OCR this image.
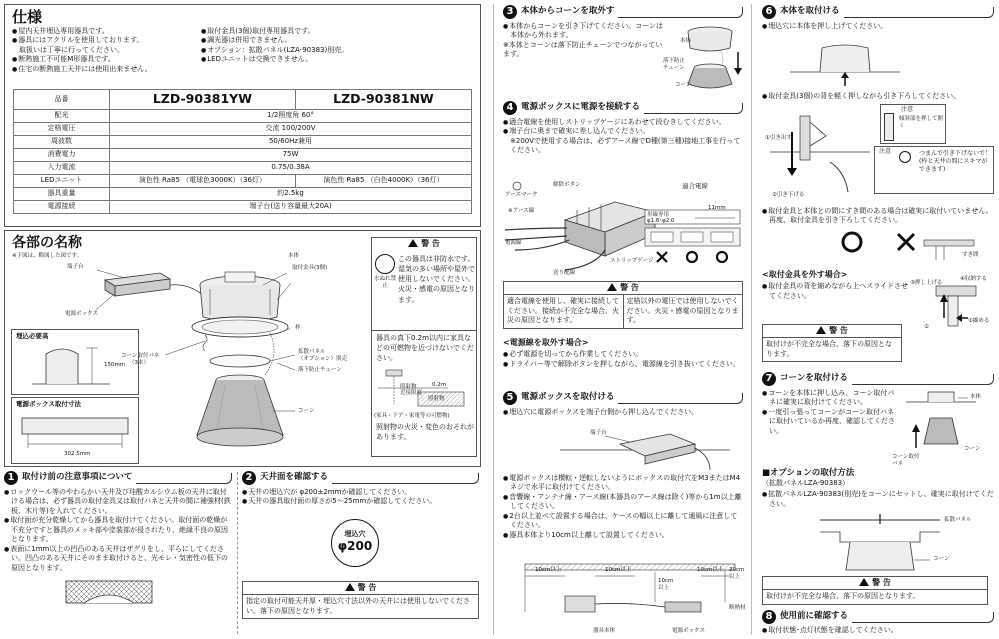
仕様
● 屋内天井埋込専用器具です。
● 器具にはアクリルを使用しております。
取扱いは丁寧に行ってください。
● 断熱施工不可能M形器具です。
● 住宅の断熱施工天井には使用出来ません。
● 取付金具(3個)取付専用器具です。
● 調光器は併用できません。
● オプション：拡散パネル(LZA-90383)別売。
● LEDユニットは交換できません。
品番	LZD-90381YW	LZD-90381NW
配光	1/2照度角 60°	
定格電圧	交流 100/200V	
周波数	50/60Hz兼用	
消費電力	75W	
入力電流	0.75/0.38A	
LEDユニット	演色性 Ra85 （電球色3000K）（36灯）	演色性 Ra85 （白色4000K）（36灯）
器具重量	約2.5kg	
電源接続	端子台(送り容量最大20A)	
各部の名称
※下図は、略図した図です。
端子台
本体
取付金具(3個)
電源ボックス
コーン取付バネ
（3本）
枠
拡散パネル
（オプション）別売
落下防止チェーン
コーン
埋込必要高
150mm
電源ボックス取付寸法
302.5mm
警 告
水ぬれ禁止
この器具は非防水です。湿気の多い場所や屋外で使用しないでください。火災・感電の原因となります。
器具の真下0.2m以内に家具などの可燃物を近づけないでください。
照射物
近接限度
0.2m
照射物
(家具・ドア・家電等の可燃物)
照射物の火災・変色のおそれがあります。
1 取付け前の注意事項について
● ロックウール等のやわらかい天井及び珪酸カルシウム板の天井に取付ける場合は、必ず器具の取付金具又は取付バネと天井の間に補強材(鉄板、木片等)を入れてください。
● 取付面が充分乾燥してから器具を取付けてください。取付面の乾燥が不充分ですと器具のメッキ部や塗装部が侵されたり、絶縁不良の原因となります。
● 表面に1mm以上の凹凸のある天井はザグリをし、平らにしてください。凹凸のある天井にそのまま取付けると、光モレ・気密性の低下の原因となります。
2 天井面を確認する
● 天井の埋込穴が φ200±2mmか確認してください。
● 天井の器具取付面の厚さが5～25mmか確認してください。
埋込穴
φ200
警 告
指定の取付可能天井厚・埋込穴寸法以外の天井には使用しないでください。落下の原因となります。
3 本体からコーンを取外す
● 本体からコーンを引き下げてください。コーンは本体から外れます。
※本体とコーンは落下防止チェーンでつながっています。
本体
落下防止チェーン
コーン
4 電源ボックスに電源を接続する
● 適合電線を使用しストリップゲージにあわせて段むきしてください。
● 端子台に奥まで確実に差し込んでください。
※200Vで使用する場合は、必ずアース線でD種(第三種)接地工事を行ってください。
アースマーク
解除ボタン
※アース線
電源線
送り配線
ストリップゲージ
適合電線
単線専用
φ1.6･φ2.0
11mm
警 告
適合電線を使用し、確実に接続してください。接続が不完全な場合、火災の原因となります。
定格以外の電圧では使用しないでください。火災・感電の原因となります。
<電源線を取外す場合>
● 必ず電源を切ってから作業してください。
● ドライバー等で解除ボタンを押しながら、電源線を引き抜いてください。
5 電源ボックスを取付ける
● 埋込穴に電源ボックスを端子台側から押し込んでください。
端子台
● 電源ボックスは横転・逆転しないようにボックスの取付穴をM3またはM4ネジで水平に取付けてください。
● 音響線・アンテナ線・アース線(本器具のアース線は除く)等から1m以上離してください。
● 2台以上並べて設置する場合は、ケースの幅以上に離して通風に注意してください。
● 器具本体より10cm以上離して設置してください。
10cm以上	10cm以上
10cm以上
10cm以上 20cm以上
断熱材
器具本体	電源ボックス
6 本体を取付ける
● 埋込穴に本体を押し上げてください。
● 取付金具(3個)の背を軽く押しながら引き下ろしてください。
①引き出す
②引き下げる
注意
傾斜部を押して開く
注意	つまんで引き下げないで！(枠と天井の間にスキマができます)
● 取付金具と本体との間にすき間のある場合は確実に取付いていません。再度、取付金具を引き下ろしてください。
すき間
<取付金具を外す場合>
● 取付金具の背を縮めながら上へスライドさせてください。
③押し上げる
④収納する
①縮める
②
警 告
取付けが不完全な場合、落下の原因となります。
7 コーンを取付ける
● コーンを本体に押し込み、コーン取付バネに確実に取付けてください。
● 一度引っ張ってコーンがコーン取付バネに取付いているか再度、確認してください。
本体
コーン取付バネ
コーン
■オプションの取付方法
（拡散パネルLZA-90383）
● 拡散パネルLZA-90383(別売)をコーンにセットし、確実に取付けてください。
拡散パネル
コーン
警 告
取付けが不完全な場合、落下の原因となります。
8 使用前に確認する
● 取付状態･点灯状態を確認してください。
